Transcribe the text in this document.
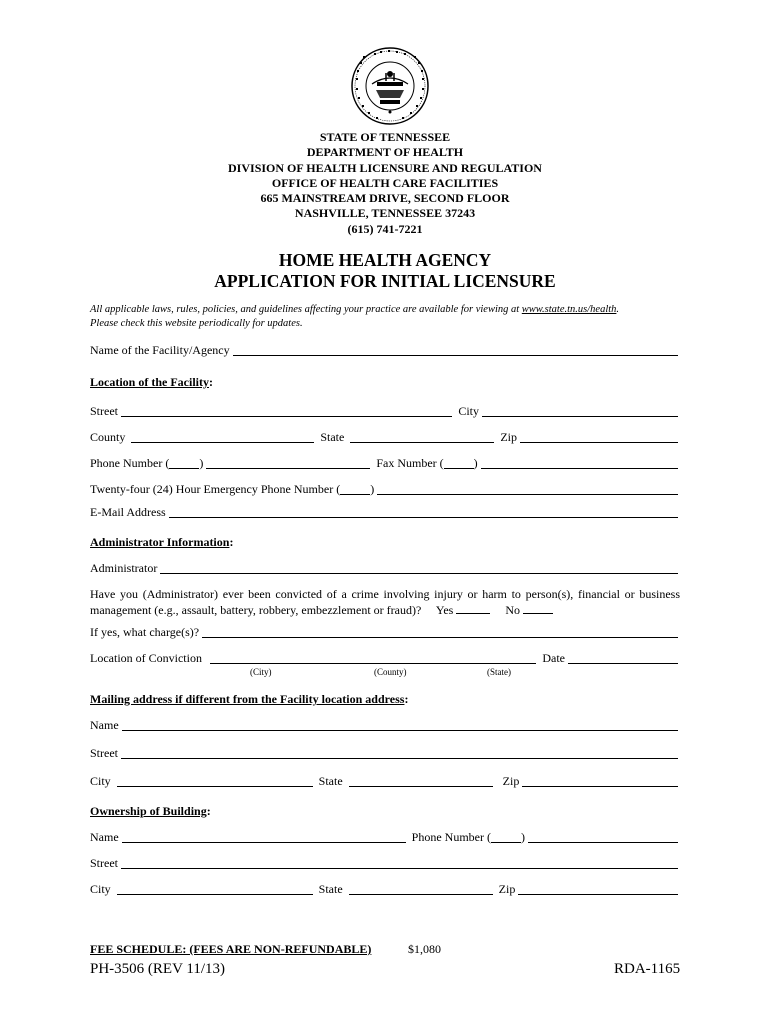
STATE OF TENNESSEE
DEPARTMENT OF HEALTH
DIVISION OF HEALTH LICENSURE AND REGULATION
OFFICE OF HEALTH CARE FACILITIES
665 MAINSTREAM DRIVE, SECOND FLOOR
NASHVILLE, TENNESSEE 37243
(615) 741-7221
HOME HEALTH AGENCY
APPLICATION FOR INITIAL LICENSURE
All applicable laws, rules, policies, and guidelines affecting your practice are available for viewing at www.state.tn.us/health.
Please check this website periodically for updates.
Name of the Facility/Agency
Location of the Facility:
Street	City
County	State	Zip
Phone Number (	)	Fax Number (	)
Twenty-four (24) Hour Emergency Phone Number (	)
E-Mail Address
Administrator Information:
Administrator
Have you (Administrator) ever been convicted of a crime involving injury or harm to person(s), financial or business management (e.g., assault, battery, robbery, embezzlement or fraud)? Yes	No
If yes, what charge(s)?
Location of Conviction	Date
(City)	(County)	(State)
Mailing address if different from the Facility location address:
Name
Street
City	State	Zip
Ownership of Building:
Name	Phone Number (	)
Street
City	State	Zip
FEE SCHEDULE: (FEES ARE NON-REFUNDABLE)	$1,080
PH-3506 (REV 11/13)	RDA-1165
